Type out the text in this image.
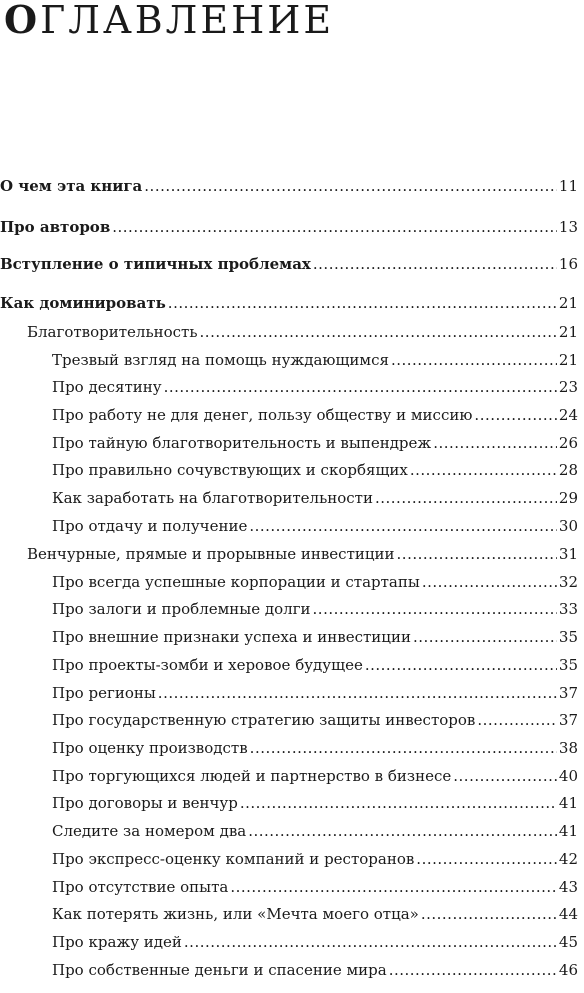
ОГЛАВЛЕНИЕ
О чем эта книга .....	11
Про авторов .....	13
Вступление о типичных проблемах .....	16
Как доминировать .....	21
Благотворительность .....	21
Трезвый взгляд на помощь нуждающимся .....	21
Про десятину .....	23
Про работу не для денег, пользу обществу и миссию .....	24
Про тайную благотворительность и выпендреж .....	26
Про правильно сочувствующих и скорбящих .....	28
Как заработать на благотворительности .....	29
Про отдачу и получение .....	30
Венчурные, прямые и прорывные инвестиции .....	31
Про всегда успешные корпорации и стартапы .....	32
Про залоги и проблемные долги .....	33
Про внешние признаки успеха и инвестиции .....	35
Про проекты-зомби и херовое будущее .....	35
Про регионы .....	37
Про государственную стратегию защиты инвесторов .....	37
Про оценку производств .....	38
Про торгующихся людей и партнерство в бизнесе .....	40
Про договоры и венчур .....	41
Следите за номером два .....	41
Про экспресс-оценку компаний и ресторанов .....	42
Про отсутствие опыта .....	43
Как потерять жизнь, или «Мечта моего отца» .....	44
Про кражу идей .....	45
Про собственные деньги и спасение мира .....	46
